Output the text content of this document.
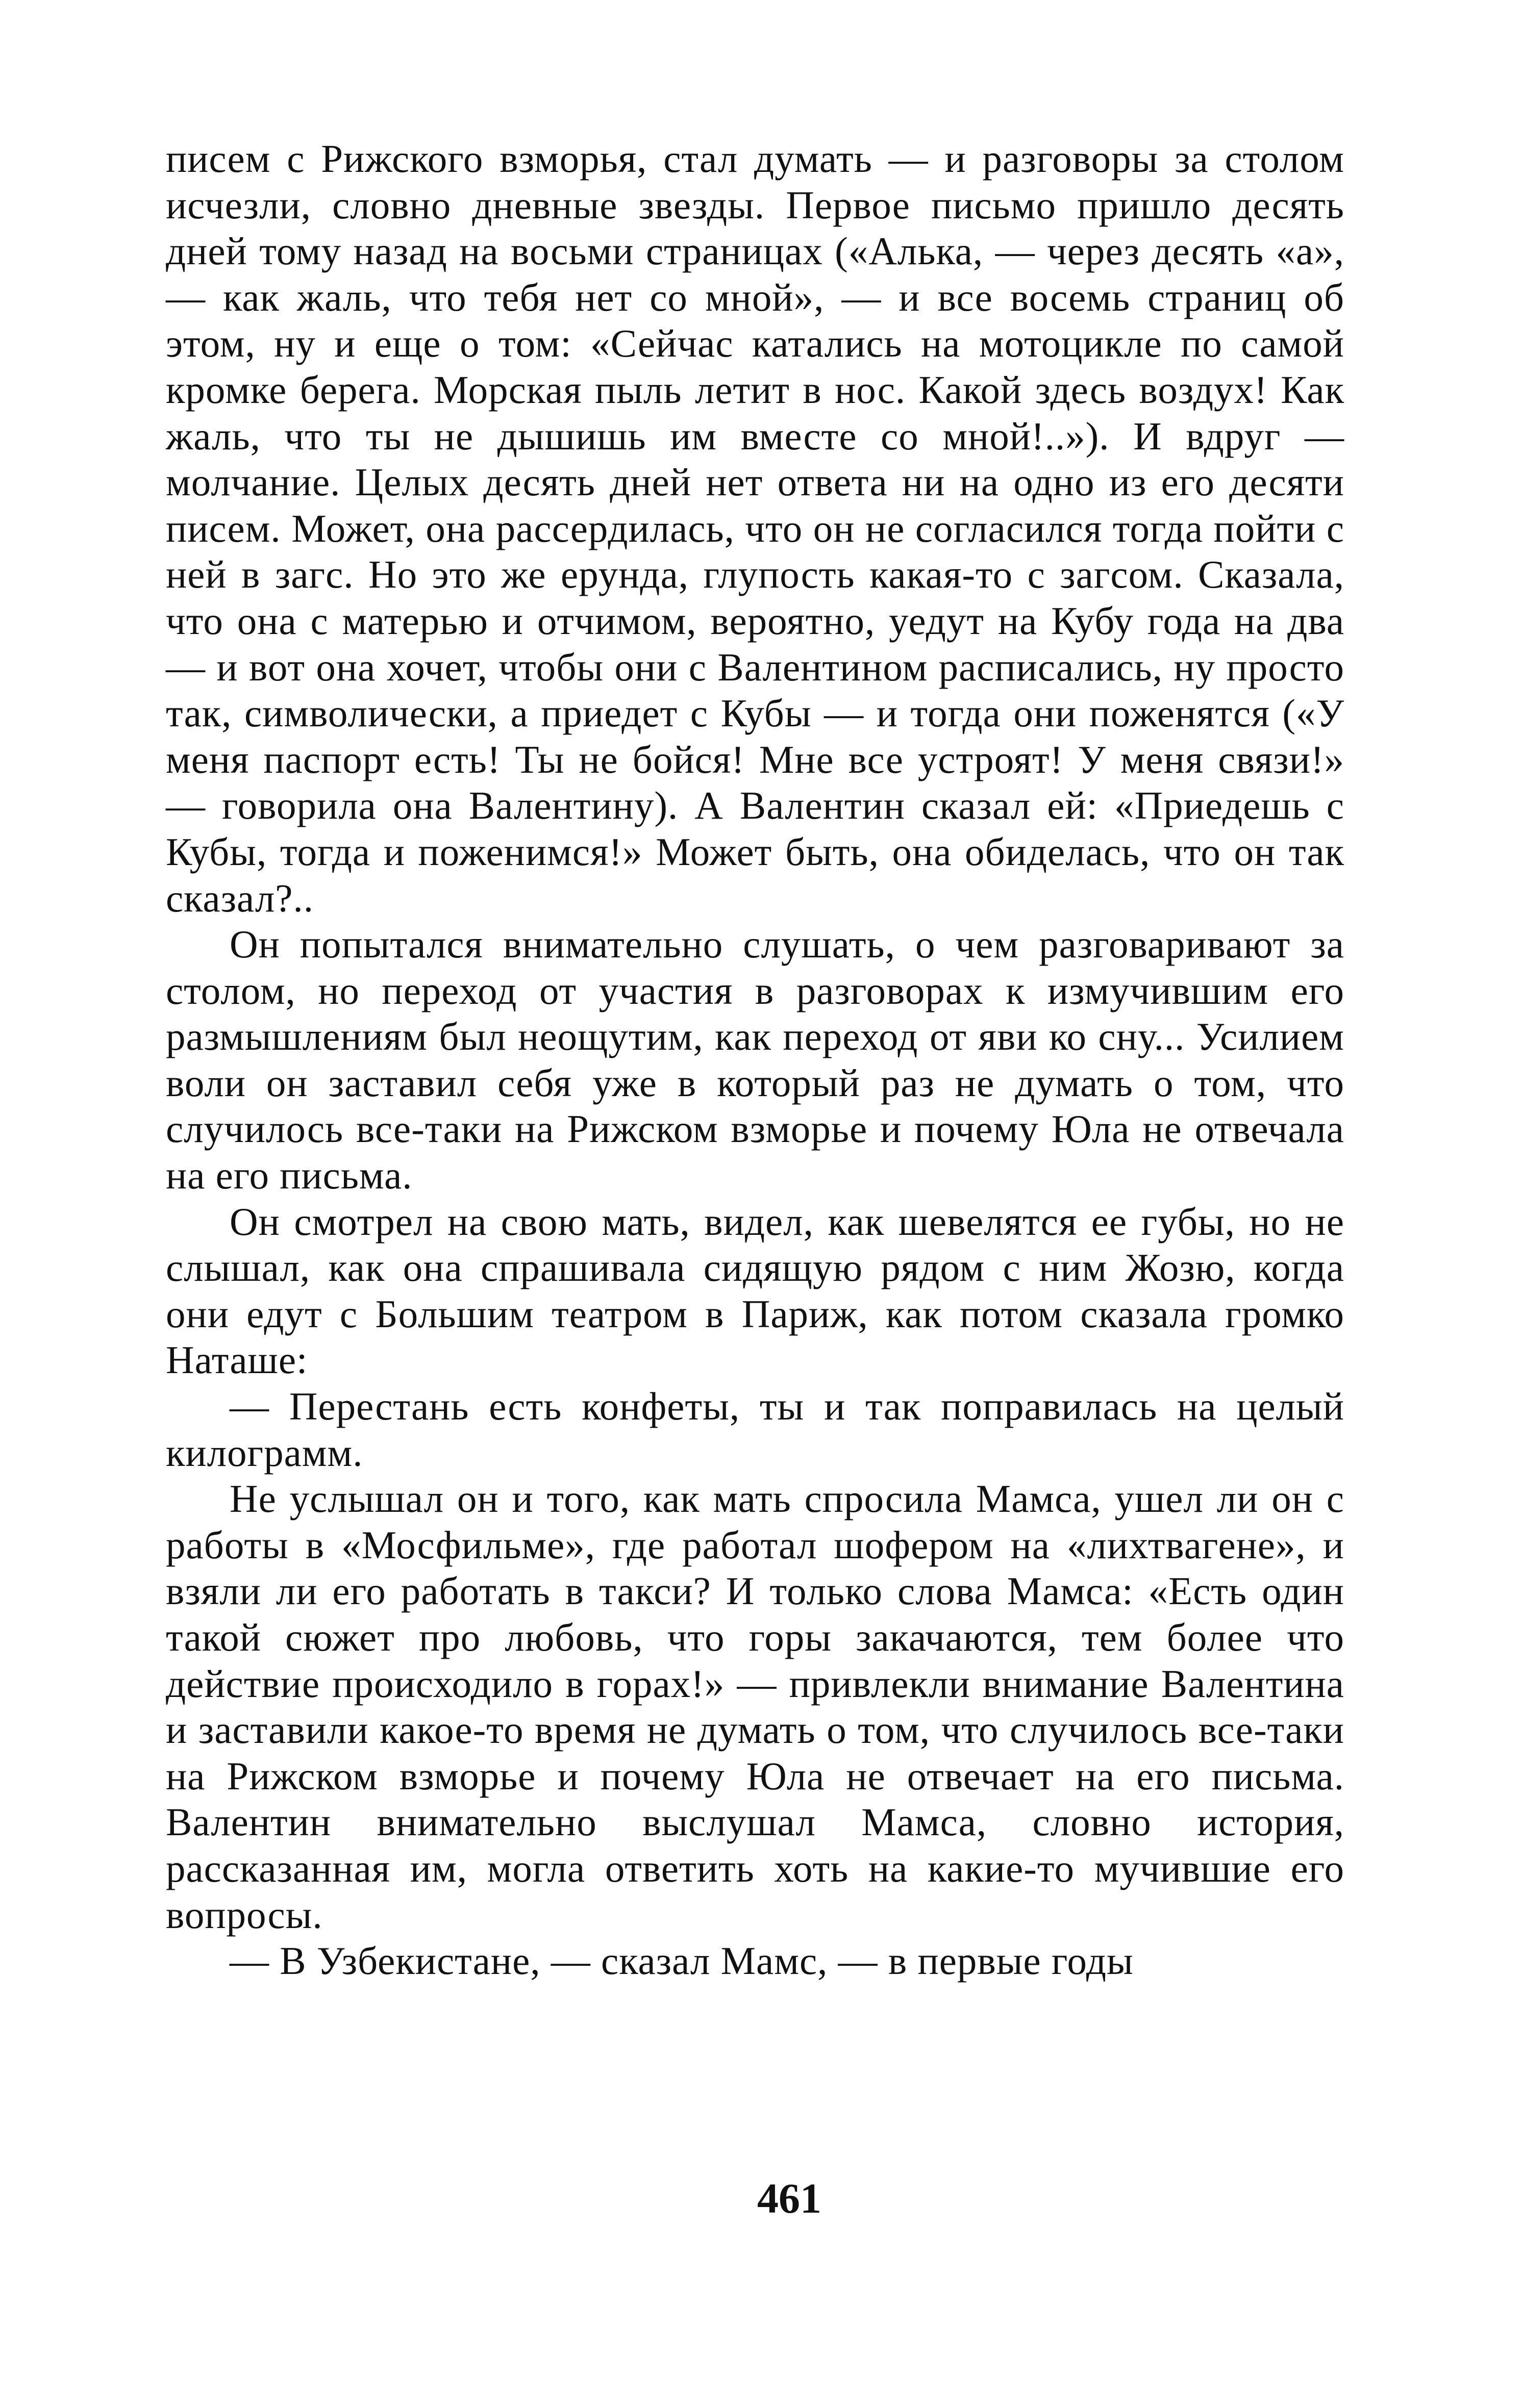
писем с Рижского взморья, стал думать — и разговоры за столом исчезли, словно дневные звезды. Первое письмо пришло десять дней тому назад на восьми страницах («Алька, — через десять «а», — как жаль, что тебя нет со мной», — и все восемь страниц об этом, ну и еще о том: «Сейчас катались на мотоцикле по самой кромке берега. Морская пыль летит в нос. Какой здесь воздух! Как жаль, что ты не дышишь им вместе со мной!..»). И вдруг — молчание. Целых десять дней нет ответа ни на одно из его десяти писем. Может, она рассердилась, что он не согласился тогда пойти с ней в загс. Но это же ерунда, глупость какая-то с загсом. Сказала, что она с матерью и отчимом, вероятно, уедут на Кубу года на два — и вот она хочет, чтобы они с Валентином расписались, ну просто так, символически, а приедет с Кубы — и тогда они поженятся («У меня паспорт есть! Ты не бойся! Мне все устроят! У меня связи!» — говорила она Валентину). А Валентин сказал ей: «Приедешь с Кубы, тогда и поженимся!» Может быть, она обиделась, что он так сказал?..

Он попытался внимательно слушать, о чем разговаривают за столом, но переход от участия в разговорах к измучившим его размышлениям был неощутим, как переход от яви ко сну... Усилием воли он заставил себя уже в который раз не думать о том, что случилось все-таки на Рижском взморье и почему Юла не отвечала на его письма.

Он смотрел на свою мать, видел, как шевелятся ее губы, но не слышал, как она спрашивала сидящую рядом с ним Жозю, когда они едут с Большим театром в Париж, как потом сказала громко Наташе:

— Перестань есть конфеты, ты и так поправилась на целый килограмм.

Не услышал он и того, как мать спросила Мамса, ушел ли он с работы в «Мосфильме», где работал шофером на «лихтвагене», и взяли ли его работать в такси? И только слова Мамса: «Есть один такой сюжет про любовь, что горы закачаются, тем более что действие происходило в горах!» — привлекли внимание Валентина и заставили какое-то время не думать о том, что случилось все-таки на Рижском взморье и почему Юла не отвечает на его письма. Валентин внимательно выслушал Мамса, словно история, рассказанная им, могла ответить хоть на какие-то мучившие его вопросы.

— В Узбекистане, — сказал Мамс, — в первые годы

461
